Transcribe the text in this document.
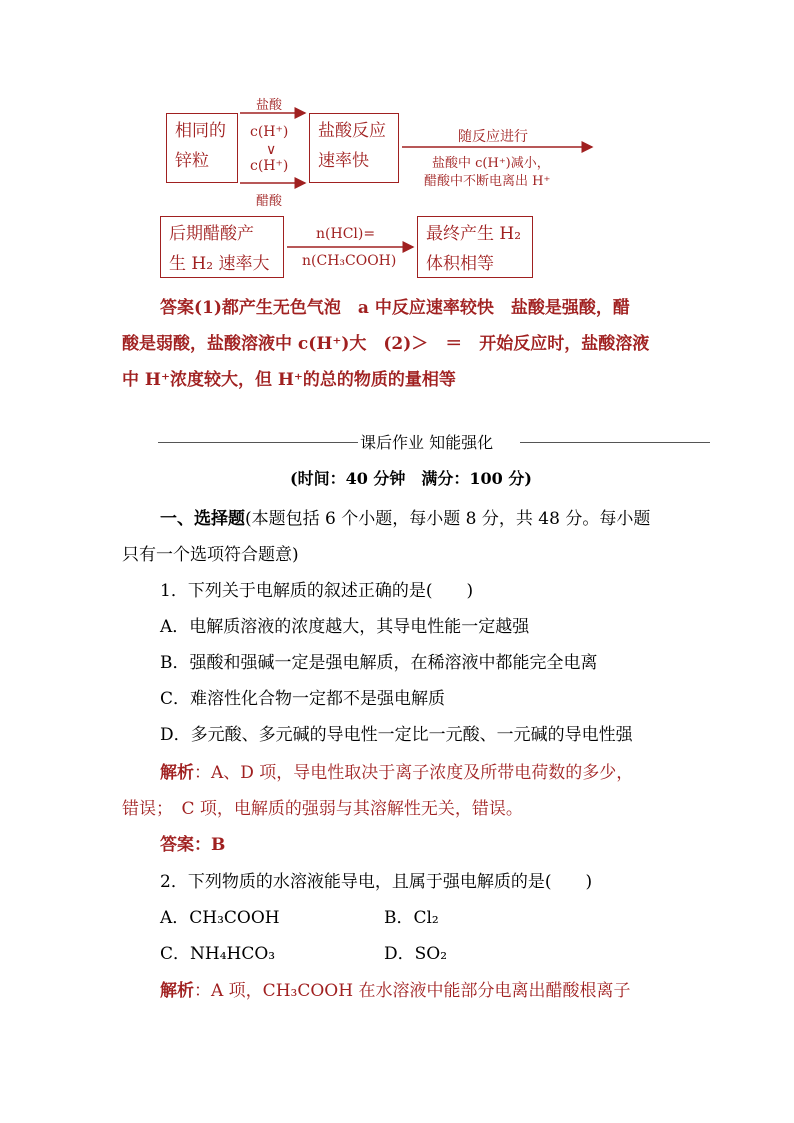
相同的
锌粒
盐酸
c(H⁺)
∨
c(H⁺)
醋酸
盐酸反应
速率快
随反应进行
盐酸中 c(H⁺)减小，
醋酸中不断电离出 H⁺
后期醋酸产
生 H₂ 速率大
n(HCl)=
n(CH₃COOH)
最终产生 H₂
体积相等
答案(1)都产生无色气泡　a 中反应速率较快　盐酸是强酸，醋
酸是弱酸，盐酸溶液中 c(H⁺)大　(2)＞　＝　开始反应时，盐酸溶液
中 H⁺浓度较大，但 H⁺的总的物质的量相等
课后作业 知能强化
(时间：40 分钟　满分：100 分)
一、选择题(本题包括 6 个小题，每小题 8 分，共 48 分。每小题
只有一个选项符合题意)
1．下列关于电解质的叙述正确的是(　　)
A．电解质溶液的浓度越大，其导电性能一定越强
B．强酸和强碱一定是强电解质，在稀溶液中都能完全电离
C．难溶性化合物一定都不是强电解质
D．多元酸、多元碱的导电性一定比一元酸、一元碱的导电性强
解析：A、D 项，导电性取决于离子浓度及所带电荷数的多少，
错误；　C 项，电解质的强弱与其溶解性无关，错误。
答案：B
2．下列物质的水溶液能导电，且属于强电解质的是(　　)
A．CH₃COOH	B．Cl₂
C．NH₄HCO₃	D．SO₂
解析：A 项，CH₃COOH 在水溶液中能部分电离出醋酸根离子
